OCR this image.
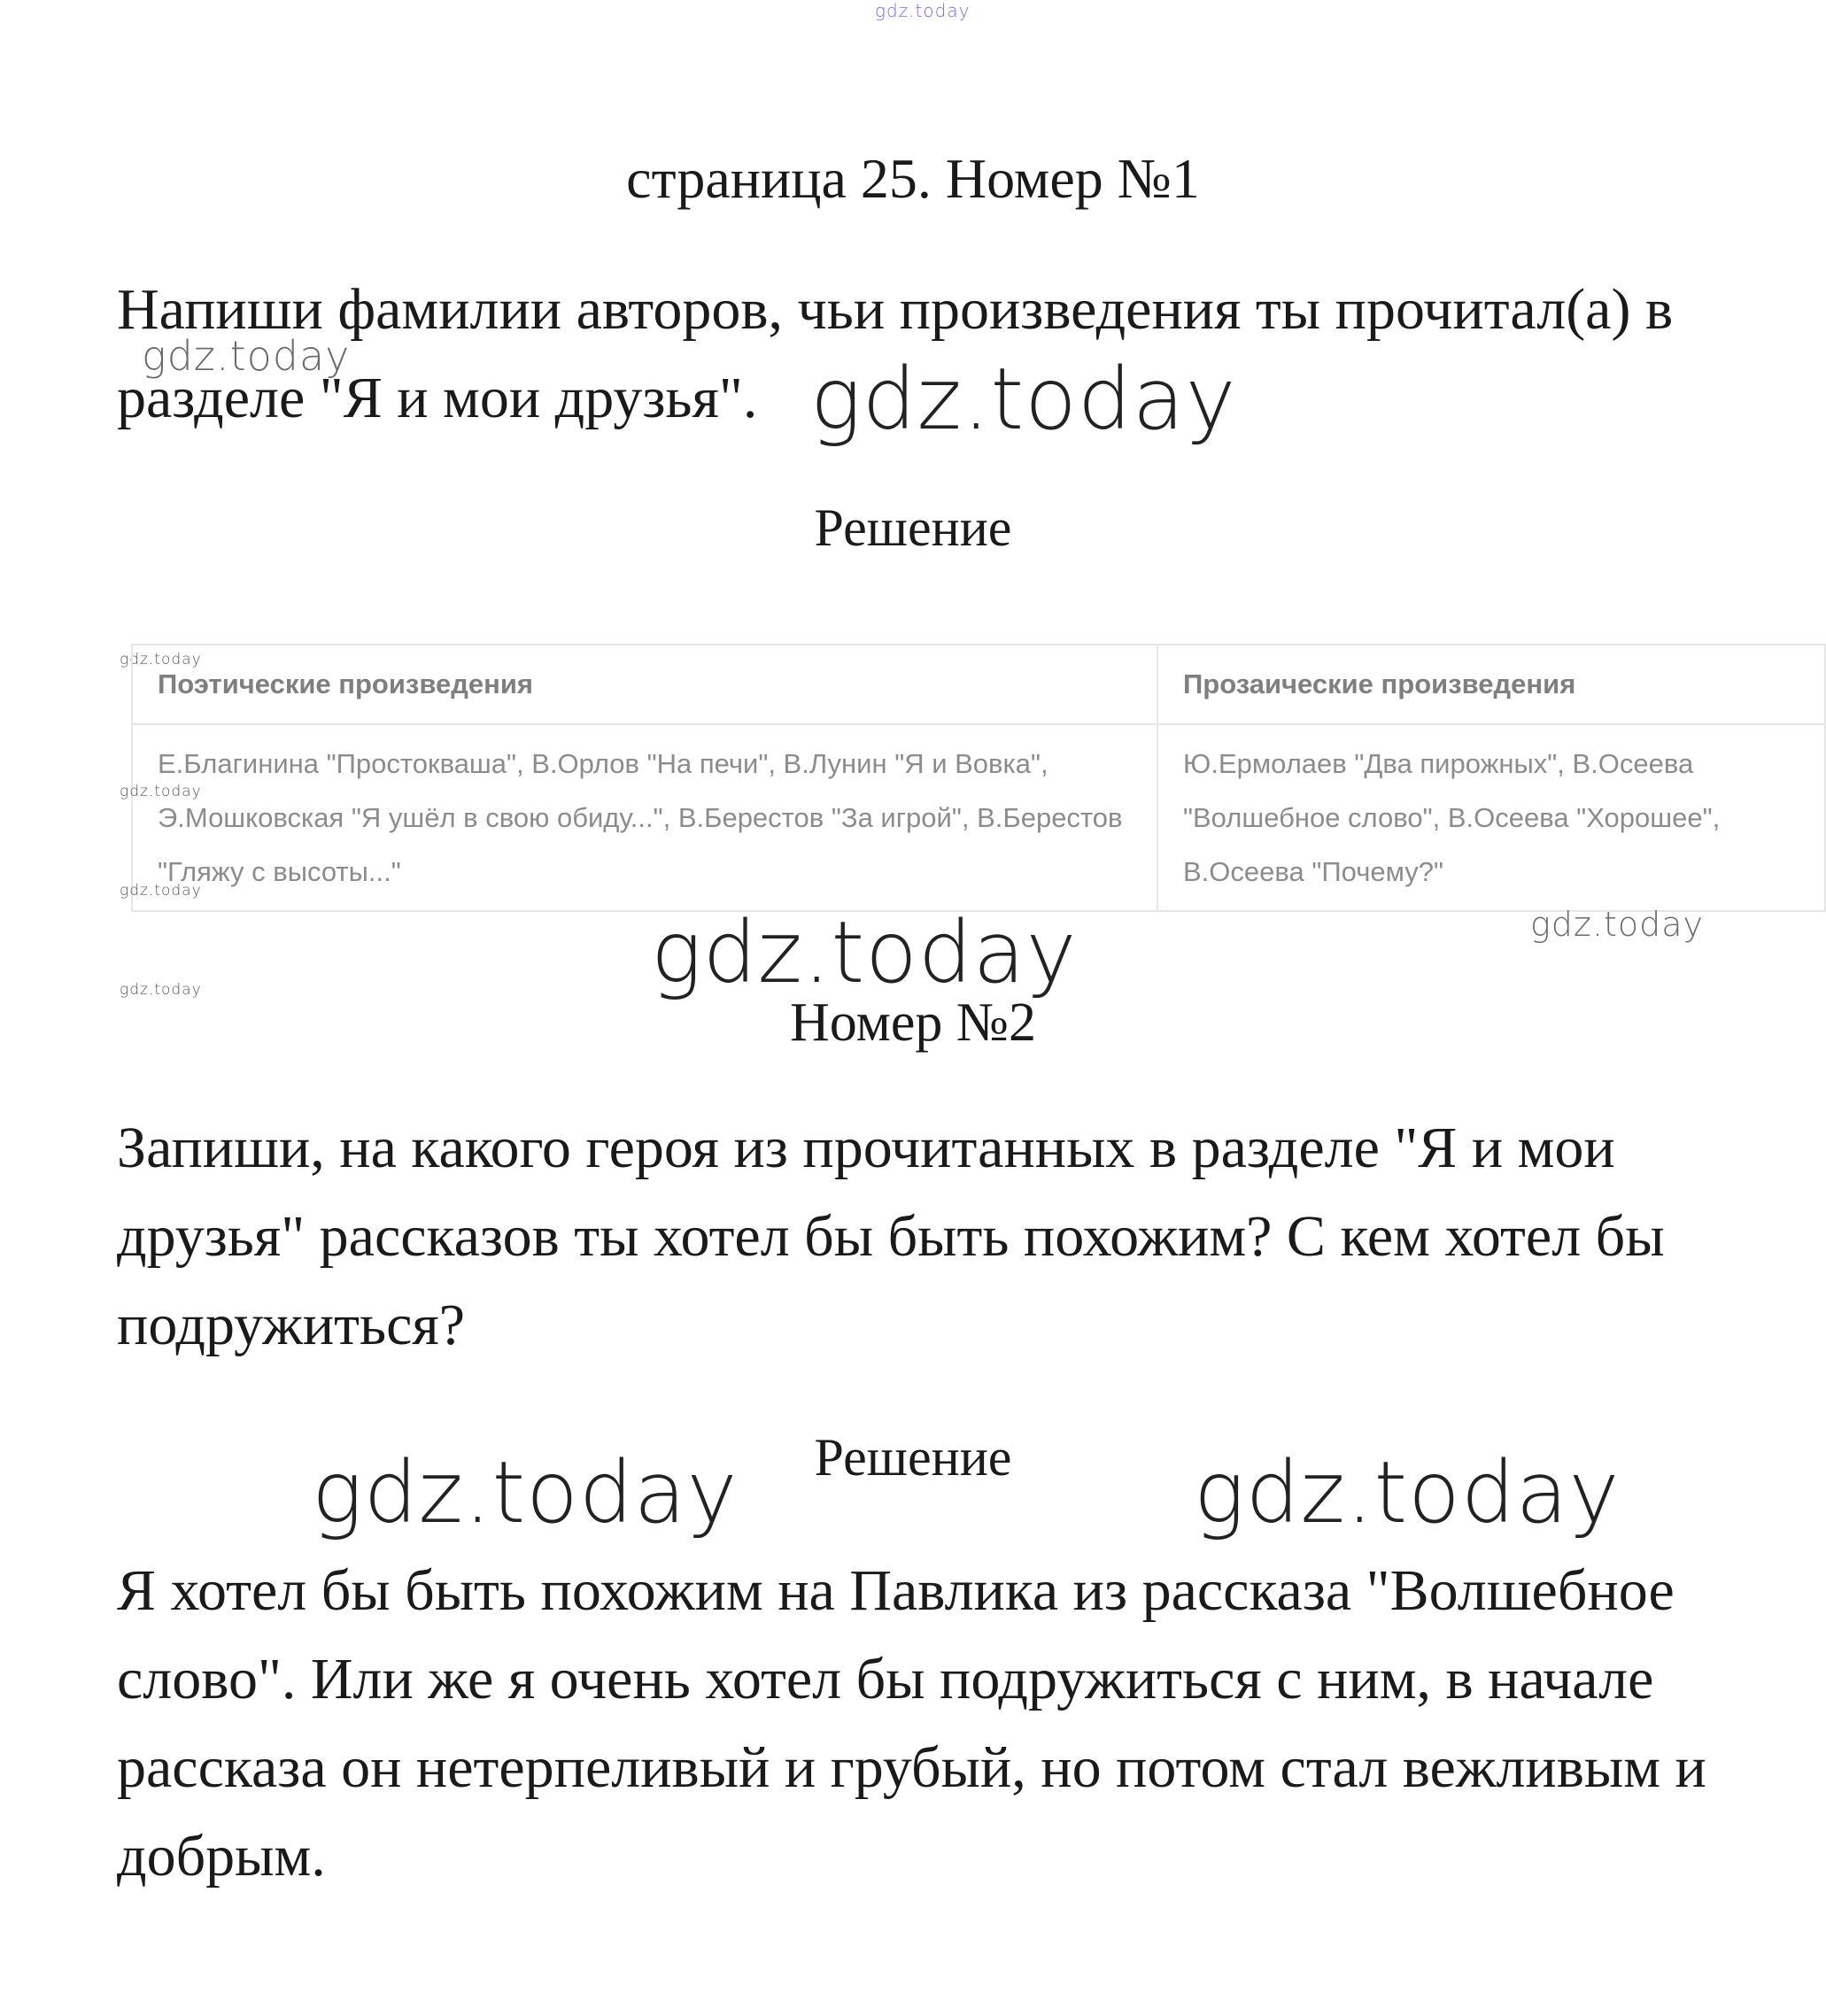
gdz.today
страница 25. Номер №1
Напиши фамилии авторов, чьи произведения ты прочитал(а) в разделе "Я и мои друзья".
gdz.today	gdz.today
Решение
gdz.today
Поэтические произведения	Прозаические произведения
Е.Благинина "Простокваша", В.Орлов "На печи", В.Лунин "Я и Вовка", Э.Мошковская "Я ушёл в свою обиду...", В.Берестов "За игрой", В.Берестов "Гляжу с высоты..."	Ю.Ермолаев "Два пирожных", В.Осеева "Волшебное слово", В.Осеева "Хорошее", В.Осеева "Почему?"
gdz.today
gdz.today
gdz.today
gdz.today
gdz.today
Номер №2
Запиши, на какого героя из прочитанных в разделе "Я и мои друзья" рассказов ты хотел бы быть похожим? С кем хотел бы подружиться?
Решение
gdz.today	gdz.today
Я хотел бы быть похожим на Павлика из рассказа "Волшебное слово". Или же я очень хотел бы подружиться с ним, в начале рассказа он нетерпеливый и грубый, но потом стал вежливым и добрым.
